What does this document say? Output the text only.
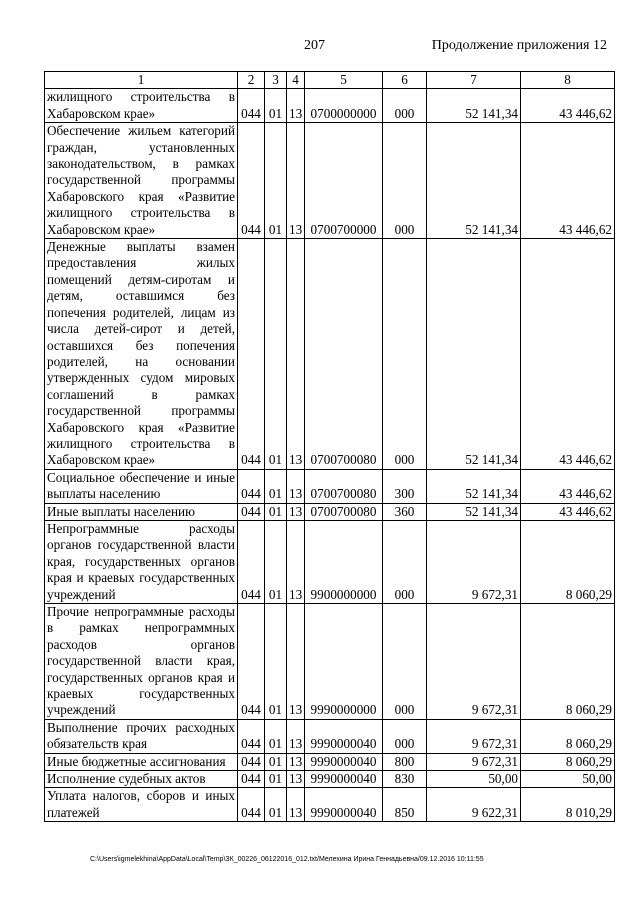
207	Продолжение приложения 12
1	2	3	4	5	6	7	8
жилищного строительства в Хабаровском крае»	044	01	13	0700000000	000	52 141,34	43 446,62
Обеспечение жильем категорий граждан, установленных законодательством, в рамках государственной программы Хабаровского края «Развитие жилищного строительства в Хабаровском крае»	044	01	13	0700700000	000	52 141,34	43 446,62
Денежные выплаты взамен предоставления жилых помещений детям-сиротам и детям, оставшимся без попечения родителей, лицам из числа детей-сирот и детей, оставшихся без попечения родителей, на основании утвержденных судом мировых соглашений в рамках государственной программы Хабаровского края «Развитие жилищного строительства в Хабаровском крае»	044	01	13	0700700080	000	52 141,34	43 446,62
Социальное обеспечение и иные выплаты населению	044	01	13	0700700080	300	52 141,34	43 446,62
Иные выплаты населению	044	01	13	0700700080	360	52 141,34	43 446,62
Непрограммные расходы органов государственной власти края, государственных органов края и краевых государственных учреждений	044	01	13	9900000000	000	9 672,31	8 060,29
Прочие непрограммные расходы в рамках непрограммных расходов органов государственной власти края, государственных органов края и краевых государственных учреждений	044	01	13	9990000000	000	9 672,31	8 060,29
Выполнение прочих расходных обязательств края	044	01	13	9990000040	000	9 672,31	8 060,29
Иные бюджетные ассигнования	044	01	13	9990000040	800	9 672,31	8 060,29
Исполнение судебных актов	044	01	13	9990000040	830	50,00	50,00
Уплата налогов, сборов и иных платежей	044	01	13	9990000040	850	9 622,31	8 010,29
C:\Users\igmelekhina\AppData\Local\Temp\ЗК_00226_06122016_012.txt/Мелехина Ирина Геннадьевна/09.12.2016 10:11:55
